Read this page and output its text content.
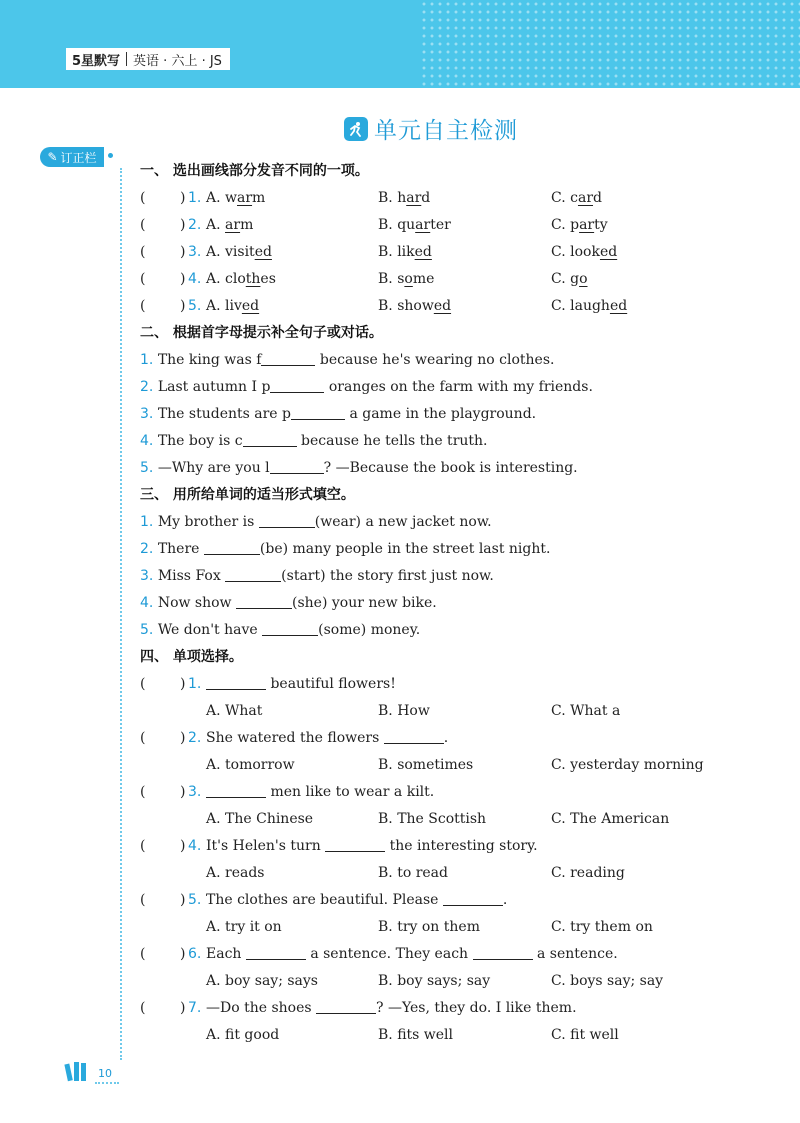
5星默写 英语 · 六上 · JS
单元自主检测
✎ 订正栏
一、 选出画线部分发音不同的一项。
( ) 1. A. warm	B. hard	C. card
( ) 2. A. arm	B. quarter	C. party
( ) 3. A. visited	B. liked	C. looked
( ) 4. A. clothes	B. some	C. go
( ) 5. A. lived	B. showed	C. laughed
二、 根据首字母提示补全句子或对话。
1. The king was f	because he's wearing no clothes.
2. Last autumn I p	oranges on the farm with my friends.
3. The students are p	a game in the playground.
4. The boy is c	because he tells the truth.
5. —Why are you l	? —Because the book is interesting.
三、 用所给单词的适当形式填空。
1. My brother is	(wear) a new jacket now.
2. There	(be) many people in the street last night.
3. Miss Fox	(start) the story first just now.
4. Now show	(she) your new bike.
5. We don't have	(some) money.
四、 单项选择。
( ) 1.	beautiful flowers!
A. What	B. How	C. What a
( ) 2. She watered the flowers	.
A. tomorrow	B. sometimes	C. yesterday morning
( ) 3.	men like to wear a kilt.
A. The Chinese	B. The Scottish	C. The American
( ) 4. It's Helen's turn	the interesting story.
A. reads	B. to read	C. reading
( ) 5. The clothes are beautiful. Please	.
A. try it on	B. try on them	C. try them on
( ) 6. Each	a sentence. They each	a sentence.
A. boy say; says	B. boy says; say	C. boys say; say
( ) 7. —Do the shoes	? —Yes, they do. I like them.
A. fit good	B. fits well	C. fit well
10
